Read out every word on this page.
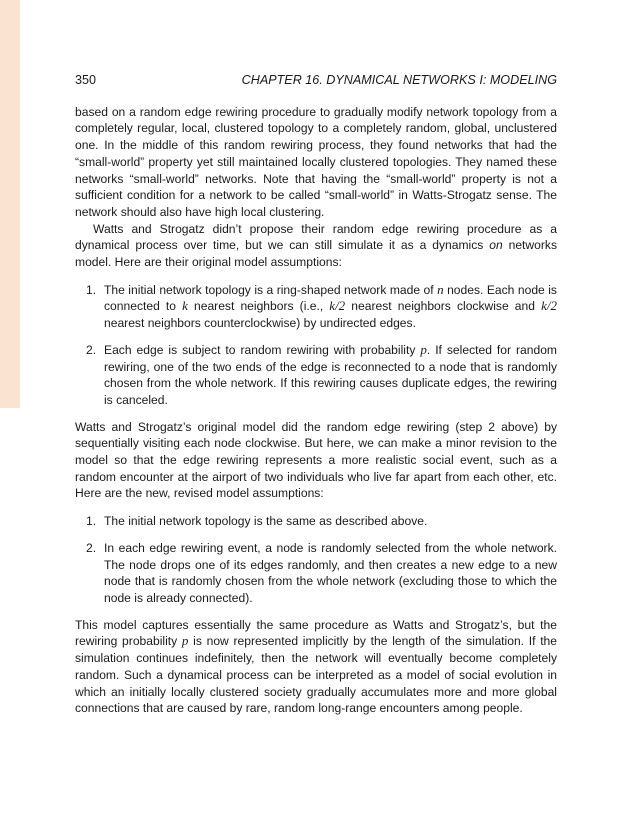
350	CHAPTER 16. DYNAMICAL NETWORKS I: MODELING

based on a random edge rewiring procedure to gradually modify network topology from a completely regular, local, clustered topology to a completely random, global, unclustered one. In the middle of this random rewiring process, they found networks that had the “small-world” property yet still maintained locally clustered topologies. They named these networks “small-world” networks. Note that having the “small-world” property is not a sufficient condition for a network to be called “small-world” in Watts-Strogatz sense. The network should also have high local clustering.

Watts and Strogatz didn’t propose their random edge rewiring procedure as a dynamical process over time, but we can still simulate it as a dynamics on networks model. Here are their original model assumptions:

1. The initial network topology is a ring-shaped network made of n nodes. Each node is connected to k nearest neighbors (i.e., k/2 nearest neighbors clockwise and k/2 nearest neighbors counterclockwise) by undirected edges.
2. Each edge is subject to random rewiring with probability p. If selected for random rewiring, one of the two ends of the edge is reconnected to a node that is randomly chosen from the whole network. If this rewiring causes duplicate edges, the rewiring is canceled.

Watts and Strogatz’s original model did the random edge rewiring (step 2 above) by sequentially visiting each node clockwise. But here, we can make a minor revision to the model so that the edge rewiring represents a more realistic social event, such as a random encounter at the airport of two individuals who live far apart from each other, etc. Here are the new, revised model assumptions:

1. The initial network topology is the same as described above.
2. In each edge rewiring event, a node is randomly selected from the whole network. The node drops one of its edges randomly, and then creates a new edge to a new node that is randomly chosen from the whole network (excluding those to which the node is already connected).

This model captures essentially the same procedure as Watts and Strogatz’s, but the rewiring probability p is now represented implicitly by the length of the simulation. If the simulation continues indefinitely, then the network will eventually become completely random. Such a dynamical process can be interpreted as a model of social evolution in which an initially locally clustered society gradually accumulates more and more global connections that are caused by rare, random long-range encounters among people.
